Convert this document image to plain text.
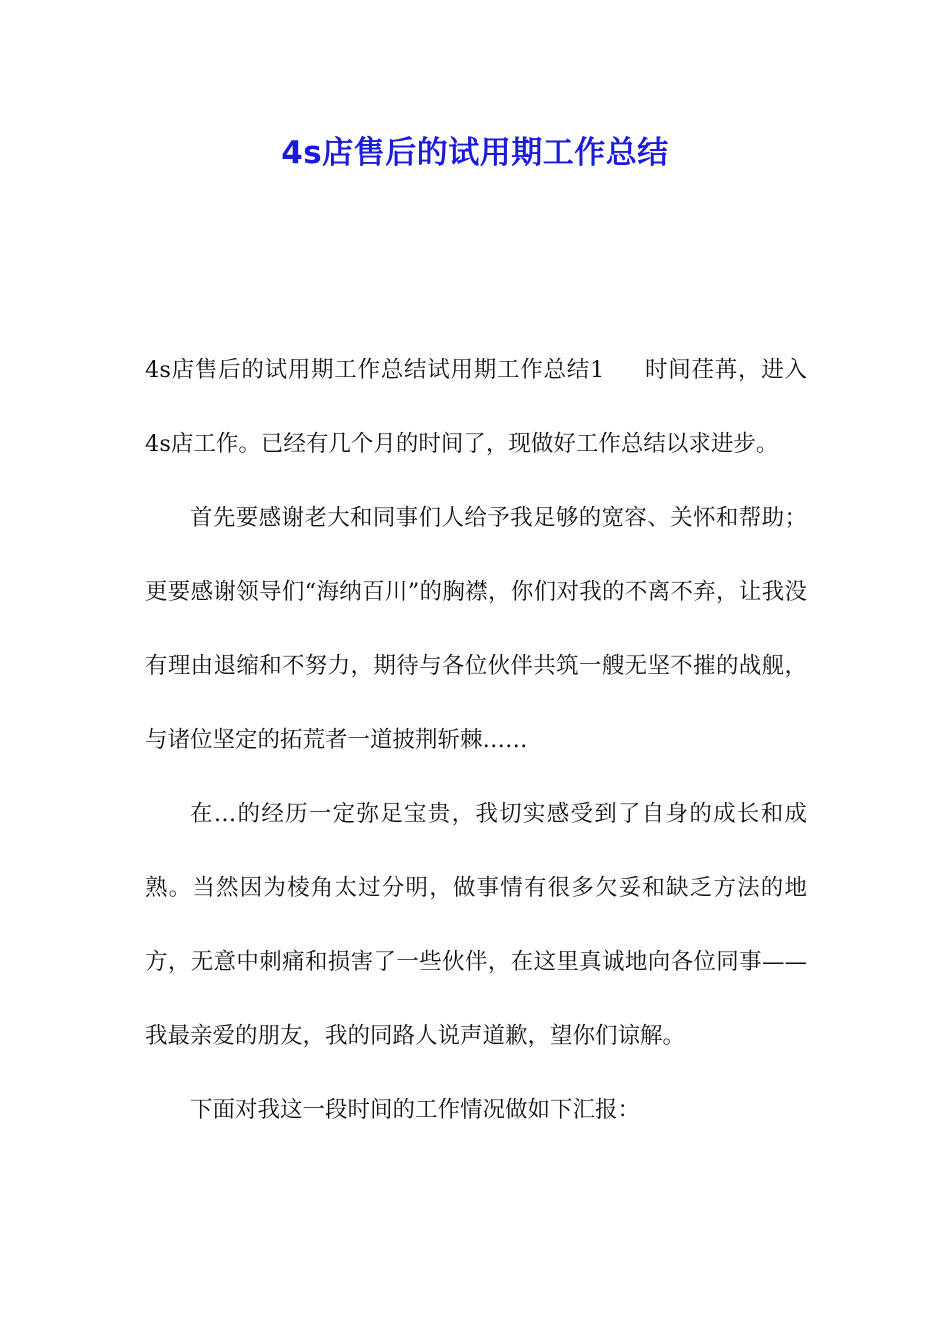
4s店售后的试用期工作总结

4s店售后的试用期工作总结试用期工作总结1 时间荏苒，进入4s店工作。已经有几个月的时间了，现做好工作总结以求进步。

首先要感谢老大和同事们人给予我足够的宽容、关怀和帮助；更要感谢领导们“海纳百川”的胸襟，你们对我的不离不弃，让我没有理由退缩和不努力，期待与各位伙伴共筑一艘无坚不摧的战舰，与诸位坚定的拓荒者一道披荆斩棘……

在…的经历一定弥足宝贵，我切实感受到了自身的成长和成熟。当然因为棱角太过分明，做事情有很多欠妥和缺乏方法的地方，无意中刺痛和损害了一些伙伴，在这里真诚地向各位同事——我最亲爱的朋友，我的同路人说声道歉，望你们谅解。

下面对我这一段时间的工作情况做如下汇报：
